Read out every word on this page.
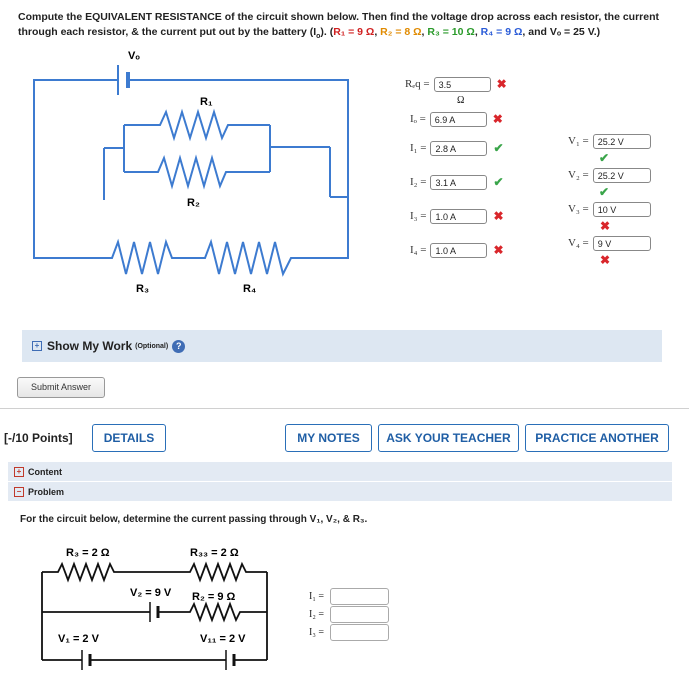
Compute the EQUIVALENT RESISTANCE of the circuit shown below. Then find the voltage drop across each resistor, the current through each resistor, & the current put out by the battery $(I_o)$. (R₁ = 9 Ω, R₂ = 8 Ω, R₃ = 10 Ω, R₄ = 9 Ω, and Vₒ = 25 V.)
Vₒ
R₁
R₂
R₃	R₄
Rₑq =	3.5	✖
Ω
Iₒ =	6.9 A	✖
I₁ =	2.8 A	✔
I₂ =	3.1 A	✔
I₃ =	1.0 A	✖
I₄ =	1.0 A	✖
V₁ =	25.2 V
✔
V₂ =	25.2 V
✔
V₃ =	10 V
✖
V₄ =	9 V
✖
+ Show My Work (Optional) ?
Submit Answer
[-/10 Points]	DETAILS	MY NOTES	ASK YOUR TEACHER	PRACTICE ANOTHER
+ Content
− Problem
For the circuit below, determine the current passing through V₁, V₂, & R₃.
R₃ = 2 Ω	R₃₃ = 2 Ω
V₂ = 9 V R₂ = 9 Ω
V₁ = 2 V	V₁₁ = 2 V
I₁ =
I₂ =
I₃ =
